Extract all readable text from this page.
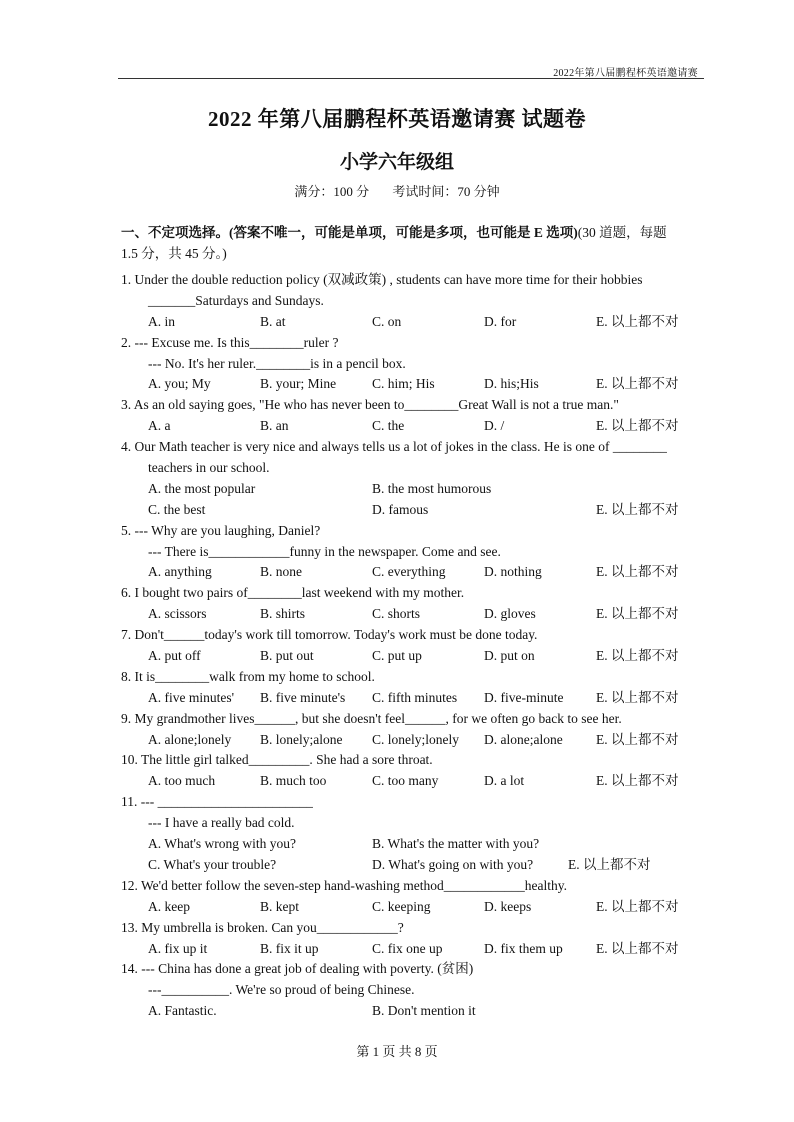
2022年第八届鹏程杯英语邀请赛
2022 年第八届鹏程杯英语邀请赛 试题卷
小学六年级组
满分：100 分 考试时间：70 分钟
一、不定项选择。(答案不唯一，可能是单项，可能是多项，也可能是 E 选项)(30 道题，每题
1.5 分，共 45 分。)
1. Under the double reduction policy (双减政策) , students can have more time for their hobbies
_______Saturdays and Sundays.
A. in	B. at	C. on	D. for	E. 以上都不对
2. --- Excuse me. Is this________ruler ?
--- No. It's her ruler.________is in a pencil box.
A. you; My	B. your; Mine	C. him; His	D. his;His	E. 以上都不对
3. As an old saying goes, "He who has never been to________Great Wall is not a true man."
A. a	B. an	C. the	D. /	E. 以上都不对
4. Our Math teacher is very nice and always tells us a lot of jokes in the class. He is one of ________
teachers in our school.
A. the most popular	B. the most humorous
C. the best	D. famous	E. 以上都不对
5. --- Why are you laughing, Daniel?
--- There is____________funny in the newspaper. Come and see.
A. anything	B. none	C. everything	D. nothing	E. 以上都不对
6. I bought two pairs of________last weekend with my mother.
A. scissors	B. shirts	C. shorts	D. gloves	E. 以上都不对
7. Don't______today's work till tomorrow. Today's work must be done today.
A. put off	B. put out	C. put up	D. put on	E. 以上都不对
8. It is________walk from my home to school.
A. five minutes' B. five minute's C. fifth minutes D. five-minute E. 以上都不对
9. My grandmother lives______, but she doesn't feel______, for we often go back to see her.
A. alone;lonely B. lonely;alone C. lonely;lonely D. alone;alone E. 以上都不对
10. The little girl talked_________. She had a sore throat.
A. too much	B. much too	C. too many	D. a lot	E. 以上都不对
11. --- _______________________
--- I have a really bad cold.
A. What's wrong with you?	B. What's the matter with you?
C. What's your trouble?	D. What's going on with you?	E. 以上都不对
12. We'd better follow the seven-step hand-washing method____________healthy.
A. keep	B. kept	C. keeping	D. keeps	E. 以上都不对
13. My umbrella is broken. Can you____________?
A. fix up it	B. fix it up	C. fix one up	D. fix them up E. 以上都不对
14. --- China has done a great job of dealing with poverty. (贫困)
---__________. We're so proud of being Chinese.
A. Fantastic.	B. Don't mention it
第 1 页 共 8 页
